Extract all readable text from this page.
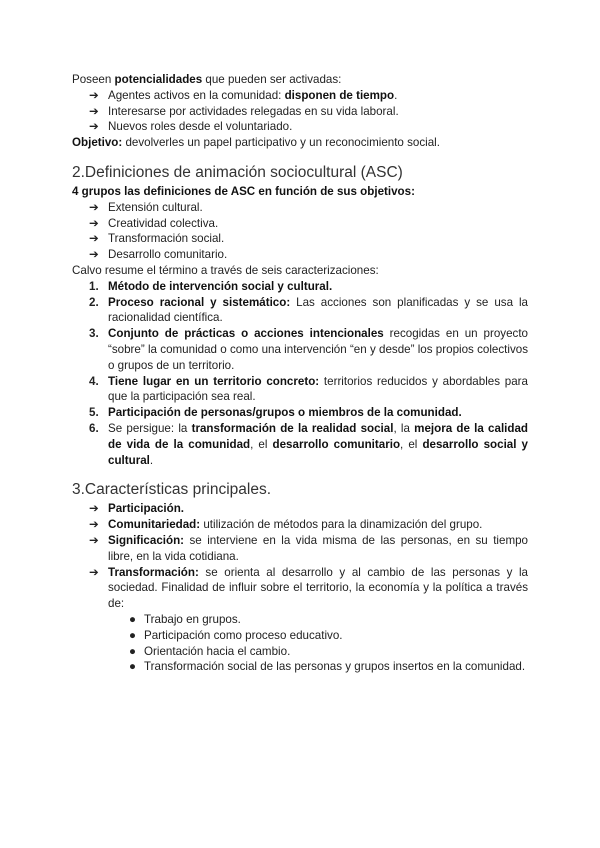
Poseen potencialidades que pueden ser activadas:

➔ Agentes activos en la comunidad: disponen de tiempo.
➔ Interesarse por actividades relegadas en su vida laboral.
➔ Nuevos roles desde el voluntariado.

Objetivo: devolverles un papel participativo y un reconocimiento social.

2.Definiciones de animación sociocultural (ASC)

4 grupos las definiciones de ASC en función de sus objetivos:

➔ Extensión cultural.
➔ Creatividad colectiva.
➔ Transformación social.
➔ Desarrollo comunitario.

Calvo resume el término a través de seis caracterizaciones:

1. Método de intervención social y cultural.
2. Proceso racional y sistemático: Las acciones son planificadas y se usa la racionalidad científica.
3. Conjunto de prácticas o acciones intencionales recogidas en un proyecto “sobre” la comunidad o como una intervención “en y desde” los propios colectivos o grupos de un territorio.
4. Tiene lugar en un territorio concreto: territorios reducidos y abordables para que la participación sea real.
5. Participación de personas/grupos o miembros de la comunidad.
6. Se persigue: la transformación de la realidad social, la mejora de la calidad de vida de la comunidad, el desarrollo comunitario, el desarrollo social y cultural.

3.Características principales.

➔ Participación.
➔ Comunitariedad: utilización de métodos para la dinamización del grupo.
➔ Significación: se interviene en la vida misma de las personas, en su tiempo libre, en la vida cotidiana.
➔ Transformación: se orienta al desarrollo y al cambio de las personas y la sociedad. Finalidad de influir sobre el territorio, la economía y la política a través de:
● Trabajo en grupos.
● Participación como proceso educativo.
● Orientación hacia el cambio.
● Transformación social de las personas y grupos insertos en la comunidad.
